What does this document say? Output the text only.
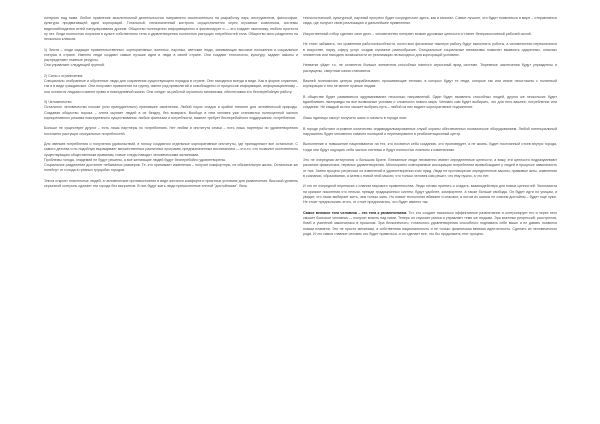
контроль над ними. Любое правление мыслительной деятельностью направлено исключительно на разработку наук, инструментов, философии, культуры продвигающей идеи корпораций. Тотальный, неназначенный контроль осуществляется через огромные комплексы, системы видеонаблюдения сетей патрулирования дронов. Общество полноценно информационно и финансирует и — это создает экономику, любого протеста ну нет. Люди полностью погрязли в культе собственного тела и удовлетворения полностью растущих потребностей тела. Общество ясно разделено на несколько классов.

1) Элита – люди сидящие правительственных, корпоративных, военных, научных, светские люди, занимающие высокие положения и социальные статусы в стране. Именно люди создают самые лучшие идеи и люди в своей стране. Они создают технологии, культуру, задают законы и распределяют главные ресурсы.

Они управляют следующей группой.

2) Силы с ограничения.

Специально отобранные и обученные люди для сохранения существующего порядка в стране. Они находятся всегда в виде. Как в форме служения, так и в виде гражданских. Они получают привилегии на группу, имеют ряд привилегий и освобождены от процессов информации, информационному – они остаются людьми и имеют право в повседневной жизни. Они следят за работой огромного механизма, обеспечивая его бесперебойную работу.

3) Человечество.

Остальное человечество похоже (или принудительно) принявшее изменения. Любой порок сладок и крайне типичен для человеческой природы. Создавая общество порока – элита окунает людей в их бездну, без возврата. Вообще в нем человек уже становится полноценной частью корпоративного режима повседневного существования: любые фантазии и потребности, важнее требует бесперебойного поддержания, потребления.

Больше не существует других – есть лишь партнеры по потреблению. Нет любви и института семьи – есть лишь партнеры по удовлетворению постоянно растущих сексуальных потребностей.

Для звеньев потребления и получения удовольствий, в потоку создаются отдельные корпоративные институты, где принадлежит все остальное. С самого детства и по подобную выращивает множественных различных программ, предназначенных воспитанием — кто-то, что позволит окончательно существующим общественным правилам, новые следы наводят человеческими желаниями.

Проблемы голода, эпидемий не будут решены, а все желающие людей будут бесперебойно удовлетворены.

Социальное разделение достигнет небывалых размеров. Те, кто принимает изменения – получит комфортную, не обязательную жизнь. Остальные же погибнут от голода в грязных трущобах городов.

Элита откроет пластичные людей, а человеческие противостояние в виде жесткого комфорта и приятных условиях для развлечения. Высокой уровень серьезной контроль сделает эти города без мигрантов. В них будут жить люди причисленные элитой "достойными". Весь

технологический, культурный, научный прогресс будет сосредоточен здесь, как и капитал. Самое лучшее, что будет появляться в мире – отправляется сюда, где получит свою реализацию и дальнейшее применение.

Искусственный отбор сделает свое дело – человечество потеряет всякие духовные ценности и станет бесприкословной рабочей силой.

Не стоит забывать, что сравнения работоспособности, почти всю физически тяжелую работу будут выполнять роботы, а человечество переключится в искусстве, науку, сферу услуг, создав огромное разнообразие. Специальные социальные механизмы позволят выявлять одаренных, опасных элементов или находить возможности их реализации на выгодных для корпораций условиях.

Нехватке уйдет т.к. не останется больше элементов способных нанести серьезный вред системе. Тюремные заключения будут упразднены и распущены, смертные казни становятся.

Важней полномочия центры разрабатывают, прошивающие техники, в которых будут те люди, которые так или иначе несогласны с политикой корпорации и тем не менее нужные людям.

В обществе будет развиваться одурманивание несколько направлений. Один будет выявлять способных людей, других же нескольких будет вдалбливать лжеправды на все возможные условия о сложности нового мира. Человек сам будет выбирать, что для него важнее: потребление или создание. Не каждый из них сможет выбрать путь – любой из них видите корпоративное подчинение.

Лишь единицы смогут получить шанс и попасть в города элит.

В городе работают огромное количество индивидуализированных служб охраны обеспеченных ноомическое оборудованием. Любой потенциальный нарушитель будет мгновенно схвачен полицией и перенаправлен в реабилитационный центр.

Выполнение и повышение нацеливаются на тех, кто посвятил себя созданию, кто проповедует, а не жизнь. Будет постоянный отсев внутри города, тогда они будут ощущать себя частью системы и будут полностью лояльны к изменениям.

Это не очередная антиутопия о большом Брате. Внезапные люди неизменно имеют определенные ценности, а вижу эти ценности подразумевают различие физических, нервных удовлетворения. Многократно повторяемые ассоциации потребления высвобождают у людей в процессе зависимость от них. Затем процесс регрессии их изменений в удовлетворении этих нужд. Люди не противоречат определенные законы, правовые акты, изменения в сознании, образования, а затем с новой этой мысли, что только человек сам решит, что ему нужно, а что нет.

И это не очередной переписка с планом мирового правительства. Люди готовы принять и создать, взаимодействуя для новых ценностей. Экономиста на кризисе поколения что нельзя, прежде традиционных систем, будут удобнее, комфортнее, а также больше свободы. Он будет идти по улицам, и увидит, что лишь выбирает жить, чем только жить. Но новые технологии вбивают и спасают, а потом их шансы не совсем достойны – будет еще хуже. Не стоит предпологать этого, от стоит предполагать, что будет именно так.

Самое великое тяга человека – это тяга к развлечениям. Тот, кто создает насколько эффективное развлечение и контролирует его и через него сможет большое человека — получит власть над ними. Теперь он спускает рынки и управляет теми же людьми. Эра военных репрессий, расстрелов, бомб и учинений закончилась в прошлом. Эра бесконечного, тотального удовлетворения способного поднимать себе выше и не давать появится новым пламени. Это не просто механизм, а собственная национальность и не только физическая мнимая идентичность. Сделать из человеческого рода. И что самое главное человек это будет нравиться, и он сделает все, что бы продолжить этот процесс.
